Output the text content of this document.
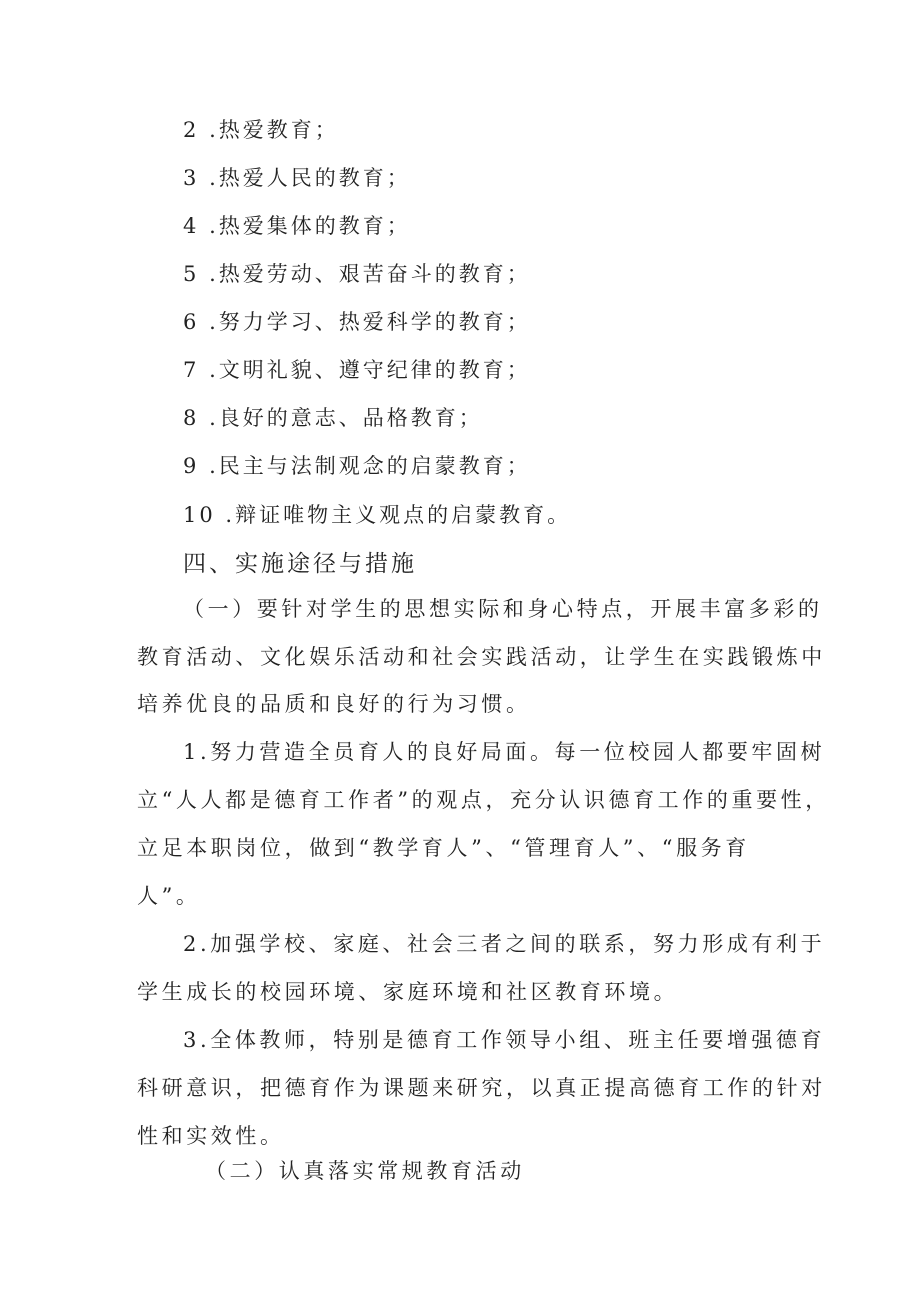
2 .热爱教育；
3 .热爱人民的教育；
4 .热爱集体的教育；
5 .热爱劳动、艰苦奋斗的教育；
6 .努力学习、热爱科学的教育；
7 .文明礼貌、遵守纪律的教育；
8 .良好的意志、品格教育；
9 .民主与法制观念的启蒙教育；
10 .辩证唯物主义观点的启蒙教育。
四、实施途径与措施
（一）要针对学生的思想实际和身心特点，开展丰富多彩的
教育活动、文化娱乐活动和社会实践活动，让学生在实践锻炼中
培养优良的品质和良好的行为习惯。
1.努力营造全员育人的良好局面。每一位校园人都要牢固树
立“人人都是德育工作者”的观点，充分认识德育工作的重要性，
立足本职岗位，做到“教学育人”、“管理育人”、“服务育
人”。
2.加强学校、家庭、社会三者之间的联系，努力形成有利于
学生成长的校园环境、家庭环境和社区教育环境。
3.全体教师，特别是德育工作领导小组、班主任要增强德育
科研意识，把德育作为课题来研究，以真正提高德育工作的针对
性和实效性。
（二）认真落实常规教育活动
